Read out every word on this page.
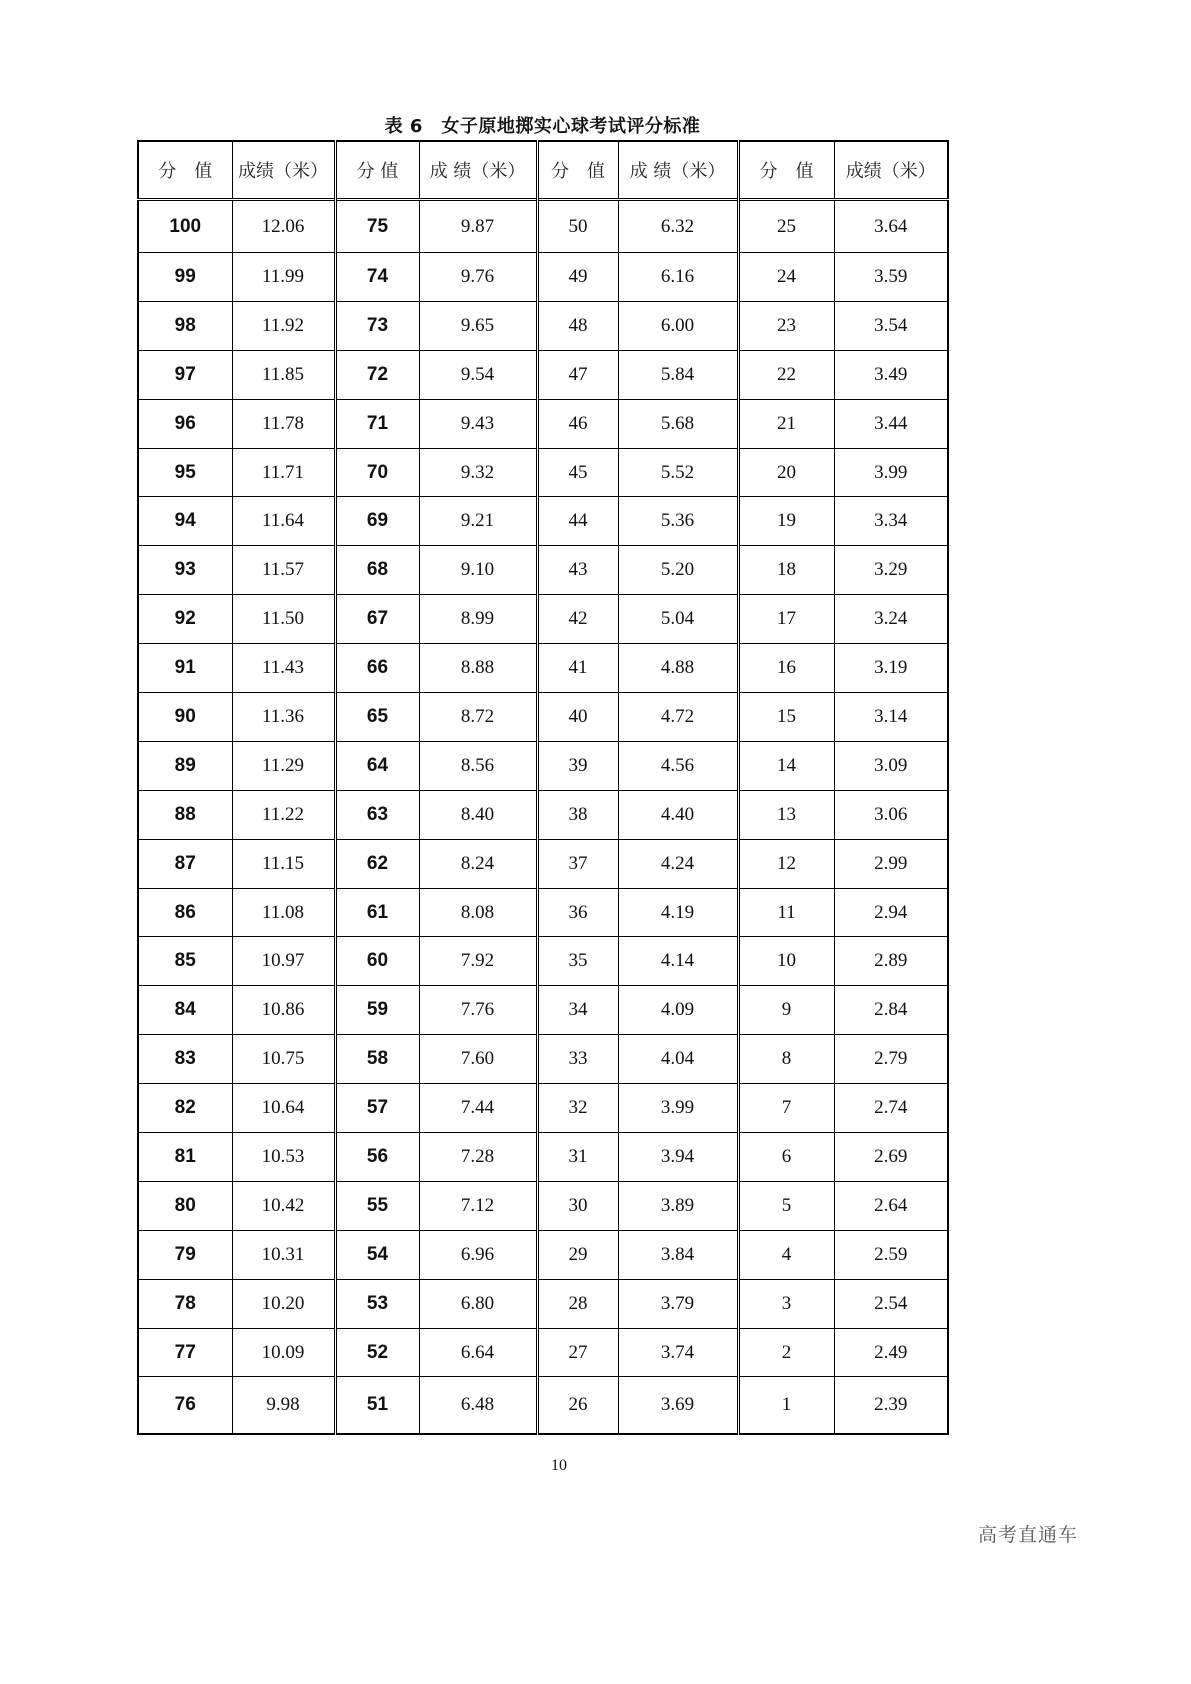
表 6　女子原地掷实心球考试评分标准
分　值	成绩（米）	分 值	成 绩（米）	分　值	成 绩（米）	分　值	成绩（米）
100	12.06	75	9.87	50	6.32	25	3.64
99	11.99	74	9.76	49	6.16	24	3.59
98	11.92	73	9.65	48	6.00	23	3.54
97	11.85	72	9.54	47	5.84	22	3.49
96	11.78	71	9.43	46	5.68	21	3.44
95	11.71	70	9.32	45	5.52	20	3.99
94	11.64	69	9.21	44	5.36	19	3.34
93	11.57	68	9.10	43	5.20	18	3.29
92	11.50	67	8.99	42	5.04	17	3.24
91	11.43	66	8.88	41	4.88	16	3.19
90	11.36	65	8.72	40	4.72	15	3.14
89	11.29	64	8.56	39	4.56	14	3.09
88	11.22	63	8.40	38	4.40	13	3.06
87	11.15	62	8.24	37	4.24	12	2.99
86	11.08	61	8.08	36	4.19	11	2.94
85	10.97	60	7.92	35	4.14	10	2.89
84	10.86	59	7.76	34	4.09	9	2.84
83	10.75	58	7.60	33	4.04	8	2.79
82	10.64	57	7.44	32	3.99	7	2.74
81	10.53	56	7.28	31	3.94	6	2.69
80	10.42	55	7.12	30	3.89	5	2.64
79	10.31	54	6.96	29	3.84	4	2.59
78	10.20	53	6.80	28	3.79	3	2.54
77	10.09	52	6.64	27	3.74	2	2.49
76	9.98	51	6.48	26	3.69	1	2.39
10
高考直通车
